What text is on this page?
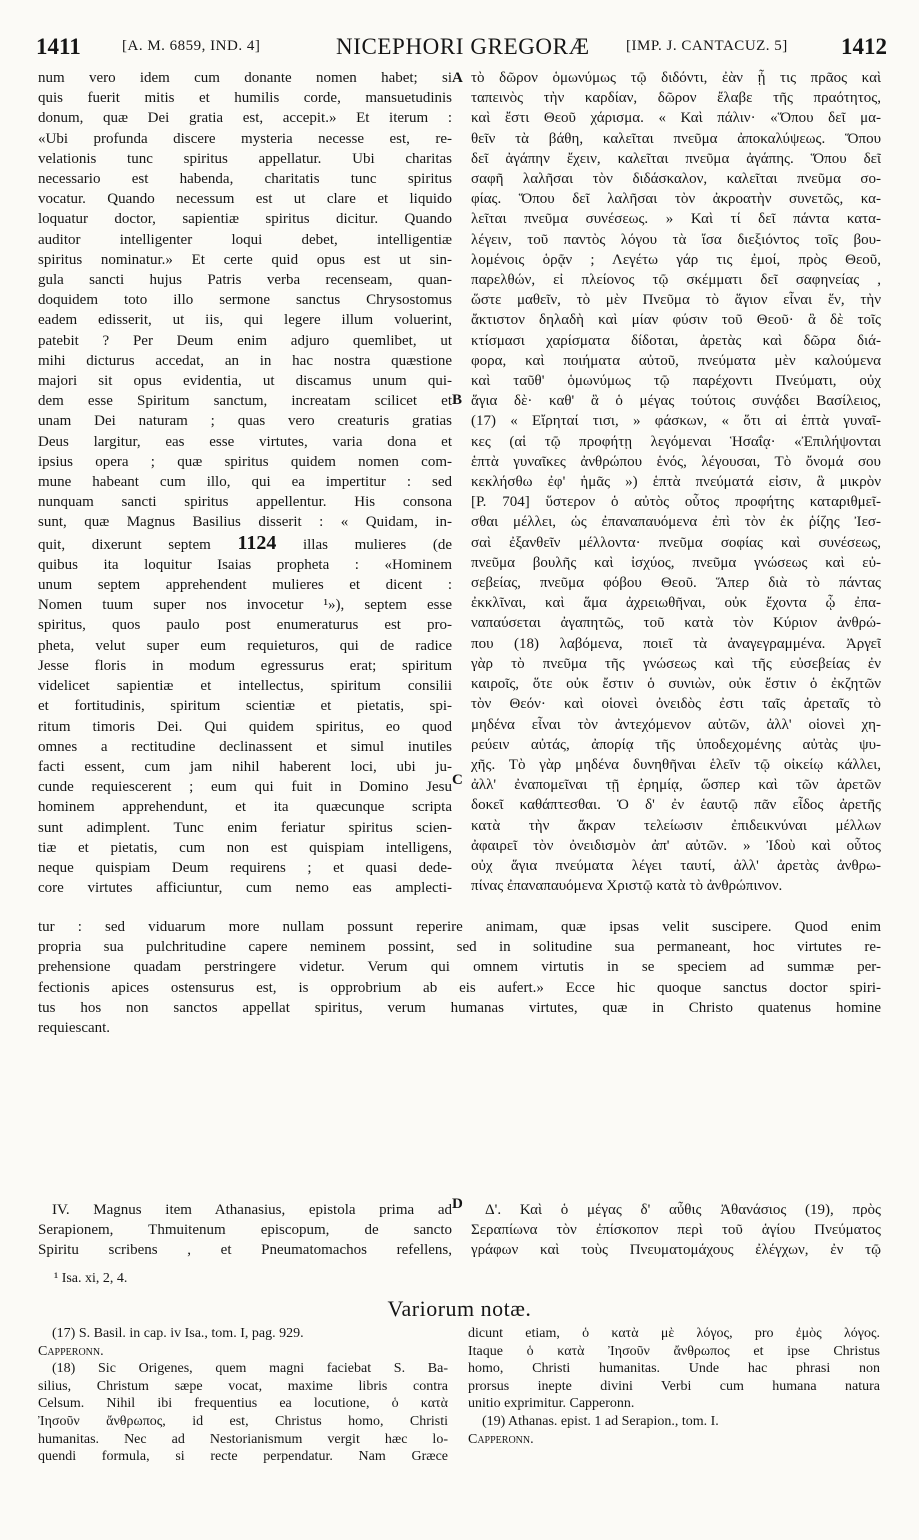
1411	[A. M. 6859, IND. 4]	NICEPHORI GREGORÆ [IMP. J. CANTACUZ. 5] 1412
A
B
C
D
num vero idem cum donante nomen habet; si
quis fuerit mitis et humilis corde, mansuetudinis
donum, quæ Dei gratia est, accepit.» Et iterum :
«Ubi profunda discere mysteria necesse est, re-
velationis tunc spiritus appellatur. Ubi charitas
necessario est habenda, charitatis tunc spiritus
vocatur. Quando necessum est ut clare et liquido
loquatur doctor, sapientiæ spiritus dicitur. Quando
auditor intelligenter loqui debet, intelligentiæ
spiritus nominatur.» Et certe quid opus est ut sin-
gula sancti hujus Patris verba recenseam, quan-
doquidem toto illo sermone sanctus Chrysostomus
eadem edisserit, ut iis, qui legere illum voluerint,
patebit ? Per Deum enim adjuro quemlibet, ut
mihi dicturus accedat, an in hac nostra quæstione
majori sit opus evidentia, ut discamus unum qui-
dem esse Spiritum sanctum, increatam scilicet et
unam Dei naturam ; quas vero creaturis gratias
Deus largitur, eas esse virtutes, varia dona et
ipsius opera ; quæ spiritus quidem nomen com-
mune habeant cum illo, qui ea impertitur : sed
nunquam sancti spiritus appellentur. His consona
sunt, quæ Magnus Basilius disserit : « Quidam, in-
quit, dixerunt septem 1124 illas mulieres (de
quibus ita loquitur Isaias propheta : «Hominem
unum septem apprehendent mulieres et dicent :
Nomen tuum super nos invocetur ¹»), septem esse
spiritus, quos paulo post enumeraturus est pro-
pheta, velut super eum requieturos, qui de radice
Jesse floris in modum egressurus erat; spiritum
videlicet sapientiæ et intellectus, spiritum consilii
et fortitudinis, spiritum scientiæ et pietatis, spi-
ritum timoris Dei. Qui quidem spiritus, eo quod
omnes a rectitudine declinassent et simul inutiles
facti essent, cum jam nihil haberent loci, ubi ju-
cunde requiescerent ; eum qui fuit in Domino Jesu
hominem apprehendunt, et ita quæcunque scripta
sunt adimplent. Tunc enim feriatur spiritus scien-
tiæ et pietatis, cum non est quispiam intelligens,
neque quispiam Deum requirens ; et quasi dede-
core virtutes afficiuntur, cum nemo eas amplecti-
τὸ δῶρον ὁμωνύμως τῷ διδόντι, ἐὰν ᾖ τις πρᾶος καὶ
ταπεινὸς τὴν καρδίαν, δῶρον ἔλαβε τῆς πραότητος,
καὶ ἔστι Θεοῦ χάρισμα. « Καὶ πάλιν· «Ὅπου δεῖ μα-
θεῖν τὰ βάθη, καλεῖται πνεῦμα ἀποκαλύψεως. Ὅπου
δεῖ ἀγάπην ἔχειν, καλεῖται πνεῦμα ἀγάπης. Ὅπου δεῖ
σαφῆ λαλῆσαι τὸν διδάσκαλον, καλεῖται πνεῦμα σο-
φίας. Ὅπου δεῖ λαλῆσαι τὸν ἀκροατὴν συνετῶς, κα-
λεῖται πνεῦμα συνέσεως. » Καὶ τί δεῖ πάντα κατα-
λέγειν, τοῦ παντὸς λόγου τὰ ἴσα διεξιόντος τοῖς βου-
λομένοις ὁρᾷν ; Λεγέτω γάρ τις ἐμοί, πρὸς Θεοῦ,
παρελθών, εἰ πλείονος τῷ σκέμματι δεῖ σαφηνείας ,
ὥστε μαθεῖν, τὸ μὲν Πνεῦμα τὸ ἅγιον εἶναι ἕν, τὴν
ἄκτιστον δηλαδὴ καὶ μίαν φύσιν τοῦ Θεοῦ· ἃ δὲ τοῖς
κτίσμασι χαρίσματα δίδοται, ἀρετὰς καὶ δῶρα διά-
φορα, καὶ ποιήματα αὐτοῦ, πνεύματα μὲν καλούμενα
καὶ ταῦθ' ὁμωνύμως τῷ παρέχοντι Πνεύματι, οὐχ
ἅγια δὲ· καθ' ἃ ὁ μέγας τούτοις συνᾴδει Βασίλειος,
(17) « Εἴρηταί τισι, » φάσκων, « ὅτι αἱ ἑπτὰ γυναῖ-
κες (αἱ τῷ προφήτῃ λεγόμεναι Ἡσαΐᾳ· «Ἐπιλήψονται
ἑπτὰ γυναῖκες ἀνθρώπου ἑνός, λέγουσαι, Τὸ ὄνομά σου
κεκλήσθω ἐφ' ἡμᾶς ») ἑπτὰ πνεύματά εἰσιν, ἃ μικρὸν
[P. 704] ὕστερον ὁ αὐτὸς οὗτος προφήτης καταριθμεῖ-
σθαι μέλλει, ὡς ἐπαναπαυόμενα ἐπὶ τὸν ἐκ ῥίζης Ἰεσ-
σαὶ ἐξανθεῖν μέλλοντα· πνεῦμα σοφίας καὶ συνέσεως,
πνεῦμα βουλῆς καὶ ἰσχύος, πνεῦμα γνώσεως καὶ εὐ-
σεβείας, πνεῦμα φόβου Θεοῦ. Ἅπερ διὰ τὸ πάντας
ἐκκλῖναι, καὶ ἅμα ἀχρειωθῆναι, οὐκ ἔχοντα ᾧ ἐπα-
ναπαύσεται ἀγαπητῶς, τοῦ κατὰ τὸν Κύριον ἀνθρώ-
που (18) λαβόμενα, ποιεῖ τὰ ἀναγεγραμμένα. Ἀργεῖ
γὰρ τὸ πνεῦμα τῆς γνώσεως καὶ τῆς εὐσεβείας ἐν
καιροῖς, ὅτε οὐκ ἔστιν ὁ συνιὼν, οὐκ ἔστιν ὁ ἐκζητῶν
τὸν Θεόν· καὶ οἱονεὶ ὀνειδὸς ἐστι ταῖς ἀρεταῖς τὸ
μηδένα εἶναι τὸν ἀντεχόμενον αὐτῶν, ἀλλ' οἱονεὶ χη-
ρεύειν αὐτάς, ἀπορίᾳ τῆς ὑποδεχομένης αὐτὰς ψυ-
χῆς. Τὸ γὰρ μηδένα δυνηθῆναι ἑλεῖν τῷ οἰκείῳ κάλλει,
ἀλλ' ἐναπομεῖναι τῇ ἐρημίᾳ, ὥσπερ καὶ τῶν ἀρετῶν
δοκεῖ καθάπτεσθαι. Ὁ δ' ἐν ἑαυτῷ πᾶν εἶδος ἀρετῆς
κατὰ τὴν ἄκραν τελείωσιν ἐπιδεικνύναι μέλλων
ἀφαιρεῖ τὸν ὀνειδισμὸν ἀπ' αὐτῶν. » Ἰδοὺ καὶ οὗτος
οὐχ ἅγια πνεύματα λέγει ταυτί, ἀλλ' ἀρετὰς ἀνθρω-
πίνας ἐπαναπαυόμενα Χριστῷ κατὰ τὸ ἀνθρώπινον.
tur : sed viduarum more nullam possunt reperire animam, quæ ipsas velit suscipere. Quod enim
propria sua pulchritudine capere neminem possint, sed in solitudine sua permaneant, hoc virtutes re-
prehensione quadam perstringere videtur. Verum qui omnem virtutis in se speciem ad summæ per-
fectionis apices ostensurus est, is opprobrium ab eis aufert.» Ecce hic quoque sanctus doctor spiri-
tus hos non sanctos appellat spiritus, verum humanas virtutes, quæ in Christo quatenus homine
requiescant.
IV. Magnus item Athanasius, epistola prima ad
Serapionem, Thmuitenum episcopum, de sancto
Spiritu scribens , et Pneumatomachos refellens,
Δ'. Καὶ ὁ μέγας δ' αὖθις Ἀθανάσιος (19), πρὸς
Σεραπίωνα τὸν ἐπίσκοπον περὶ τοῦ ἁγίου Πνεύματος
γράφων καὶ τοὺς Πνευματομάχους ἐλέγχων, ἐν τῷ
¹ Isa. xi, 2, 4.
Variorum notæ.
(17) S. Basil. in cap. iv Isa., tom. I, pag. 929.
Capperonn.
(18) Sic Origenes, quem magni faciebat S. Ba-
silius, Christum sæpe vocat, maxime libris contra
Celsum. Nihil ibi frequentius ea locutione, ὁ κατὰ
Ἰησοῦν ἄνθρωπος, id est, Christus homo, Christi
humanitas. Nec ad Nestorianismum vergit hæc lo-
quendi formula, si recte perpendatur. Nam Græce
dicunt etiam, ὁ κατὰ μὲ λόγος, pro ἐμὸς λόγος.
Itaque ὁ κατὰ Ἰησοῦν ἄνθρωπος et ipse Christus
homo, Christi humanitas. Unde hac phrasi non
prorsus inepte divini Verbi cum humana natura
unitio exprimitur. Capperonn.
(19) Athanas. epist. 1 ad Serapion., tom. I.
Capperonn.
